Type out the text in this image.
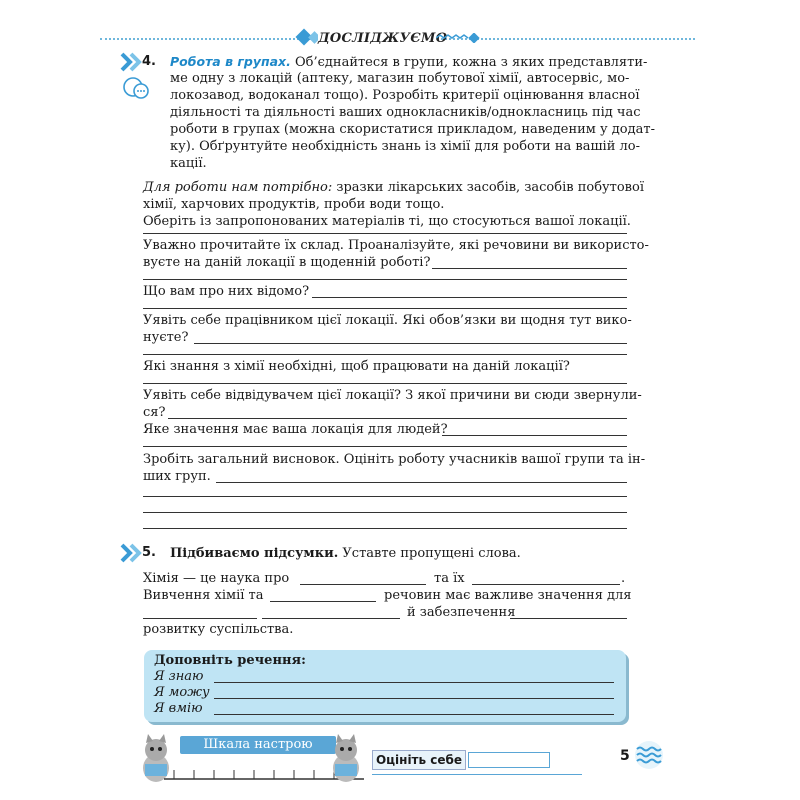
ДОСЛІДЖУЄМО
4. Робота в групах. Об’єднайтеся в групи, кожна з яких представляти-
ме одну з локацій (аптеку, магазин побутової хімії, автосервіс, мо-
локозавод, водоканал тощо). Розробіть критерії оцінювання власної
діяльності та діяльності ваших однокласників/однокласниць під час
роботи в групах (можна скористатися прикладом, наведеним у додат-
ку). Обґрунтуйте необхідність знань із хімії для роботи на вашій ло-
кації.
Для роботи нам потрібно: зразки лікарських засобів, засобів побутової
хімії, харчових продуктів, проби води тощо.
Оберіть із запропонованих матеріалів ті, що стосуються вашої локації.
Уважно прочитайте їх склад. Проаналізуйте, які речовини ви використо-
вуєте на даній локації в щоденній роботі?
Що вам про них відомо?
Уявіть себе працівником цієї локації. Які обов’язки ви щодня тут вико-
нуєте?
Які знання з хімії необхідні, щоб працювати на даній локації?
Уявіть себе відвідувачем цієї локації? З якої причини ви сюди звернули-
ся?
Яке значення має ваша локація для людей?
Зробіть загальний висновок. Оцініть роботу учасників вашої групи та ін-
ших груп.
5. Підбиваємо підсумки. Уставте пропущені слова.
Хімія — це наука про	та їх	.
Вивчення хімії та	речовин має важливе значення для
й забезпечення
розвитку суспільства.
Доповніть речення:
Я знаю
Я можу
Я вмію
Шкала настрою
Оцініть себе	5
